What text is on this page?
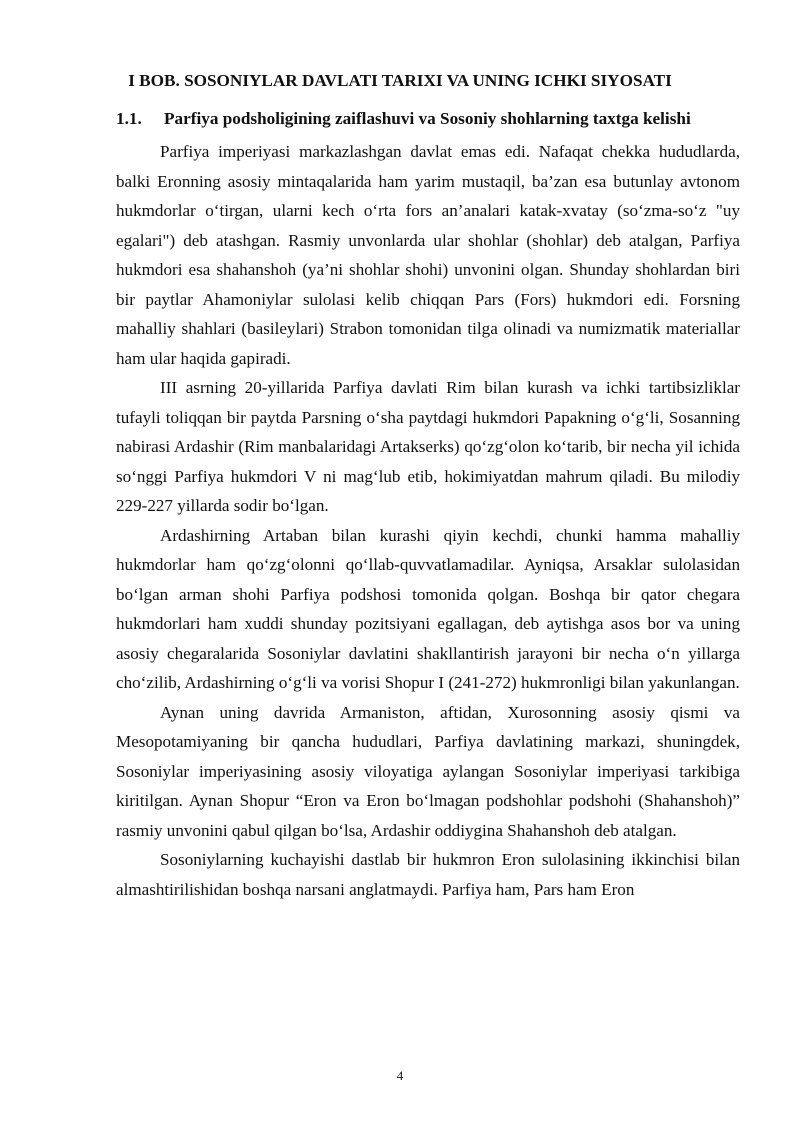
I BOB. SOSONIYLAR DAVLATI TARIXI VA UNING ICHKI SIYOSATI
1.1. Parfiya podsholigining zaiflashuvi va Sosoniy shohlarning taxtga kelishi

Parfiya imperiyasi markazlashgan davlat emas edi. Nafaqat chekka hududlarda, balki Eronning asosiy mintaqalarida ham yarim mustaqil, ba’zan esa butunlay avtonom hukmdorlar o‘tirgan, ularni kech o‘rta fors an’analari katak-xvatay (so‘zma-so‘z "uy egalari") deb atashgan. Rasmiy unvonlarda ular shohlar (shohlar) deb atalgan, Parfiya hukmdori esa shahanshoh (ya’ni shohlar shohi) unvonini olgan. Shunday shohlardan biri bir paytlar Ahamoniylar sulolasi kelib chiqqan Pars (Fors) hukmdori edi. Forsning mahalliy shahlari (basileylari) Strabon tomonidan tilga olinadi va numizmatik materiallar ham ular haqida gapiradi.

III asrning 20-yillarida Parfiya davlati Rim bilan kurash va ichki tartibsizliklar tufayli toliqqan bir paytda Parsning o‘sha paytdagi hukmdori Papakning o‘g‘li, Sosanning nabirasi Ardashir (Rim manbalaridagi Artakserks) qo‘zg‘olon ko‘tarib, bir necha yil ichida so‘nggi Parfiya hukmdori V ni mag‘lub etib, hokimiyatdan mahrum qiladi. Bu milodiy 229-227 yillarda sodir bo‘lgan.

Ardashirning Artaban bilan kurashi qiyin kechdi, chunki hamma mahalliy hukmdorlar ham qo‘zg‘olonni qo‘llab-quvvatlamadilar. Ayniqsa, Arsaklar sulolasidan bo‘lgan arman shohi Parfiya podshosi tomonida qolgan. Boshqa bir qator chegara hukmdorlari ham xuddi shunday pozitsiyani egallagan, deb aytishga asos bor va uning asosiy chegaralarida Sosoniylar davlatini shakllantirish jarayoni bir necha o‘n yillarga cho‘zilib, Ardashirning o‘g‘li va vorisi Shopur I (241-272) hukmronligi bilan yakunlangan.

Aynan uning davrida Armaniston, aftidan, Xurosonning asosiy qismi va Mesopotamiyaning bir qancha hududlari, Parfiya davlatining markazi, shuningdek, Sosoniylar imperiyasining asosiy viloyatiga aylangan Sosoniylar imperiyasi tarkibiga kiritilgan. Aynan Shopur “Eron va Eron bo‘lmagan podshohlar podshohi (Shahanshoh)” rasmiy unvonini qabul qilgan bo‘lsa, Ardashir oddiygina Shahanshoh deb atalgan.

Sosoniylarning kuchayishi dastlab bir hukmron Eron sulolasining ikkinchisi bilan almashtirilishidan boshqa narsani anglatmaydi. Parfiya ham, Pars ham Eron

4
